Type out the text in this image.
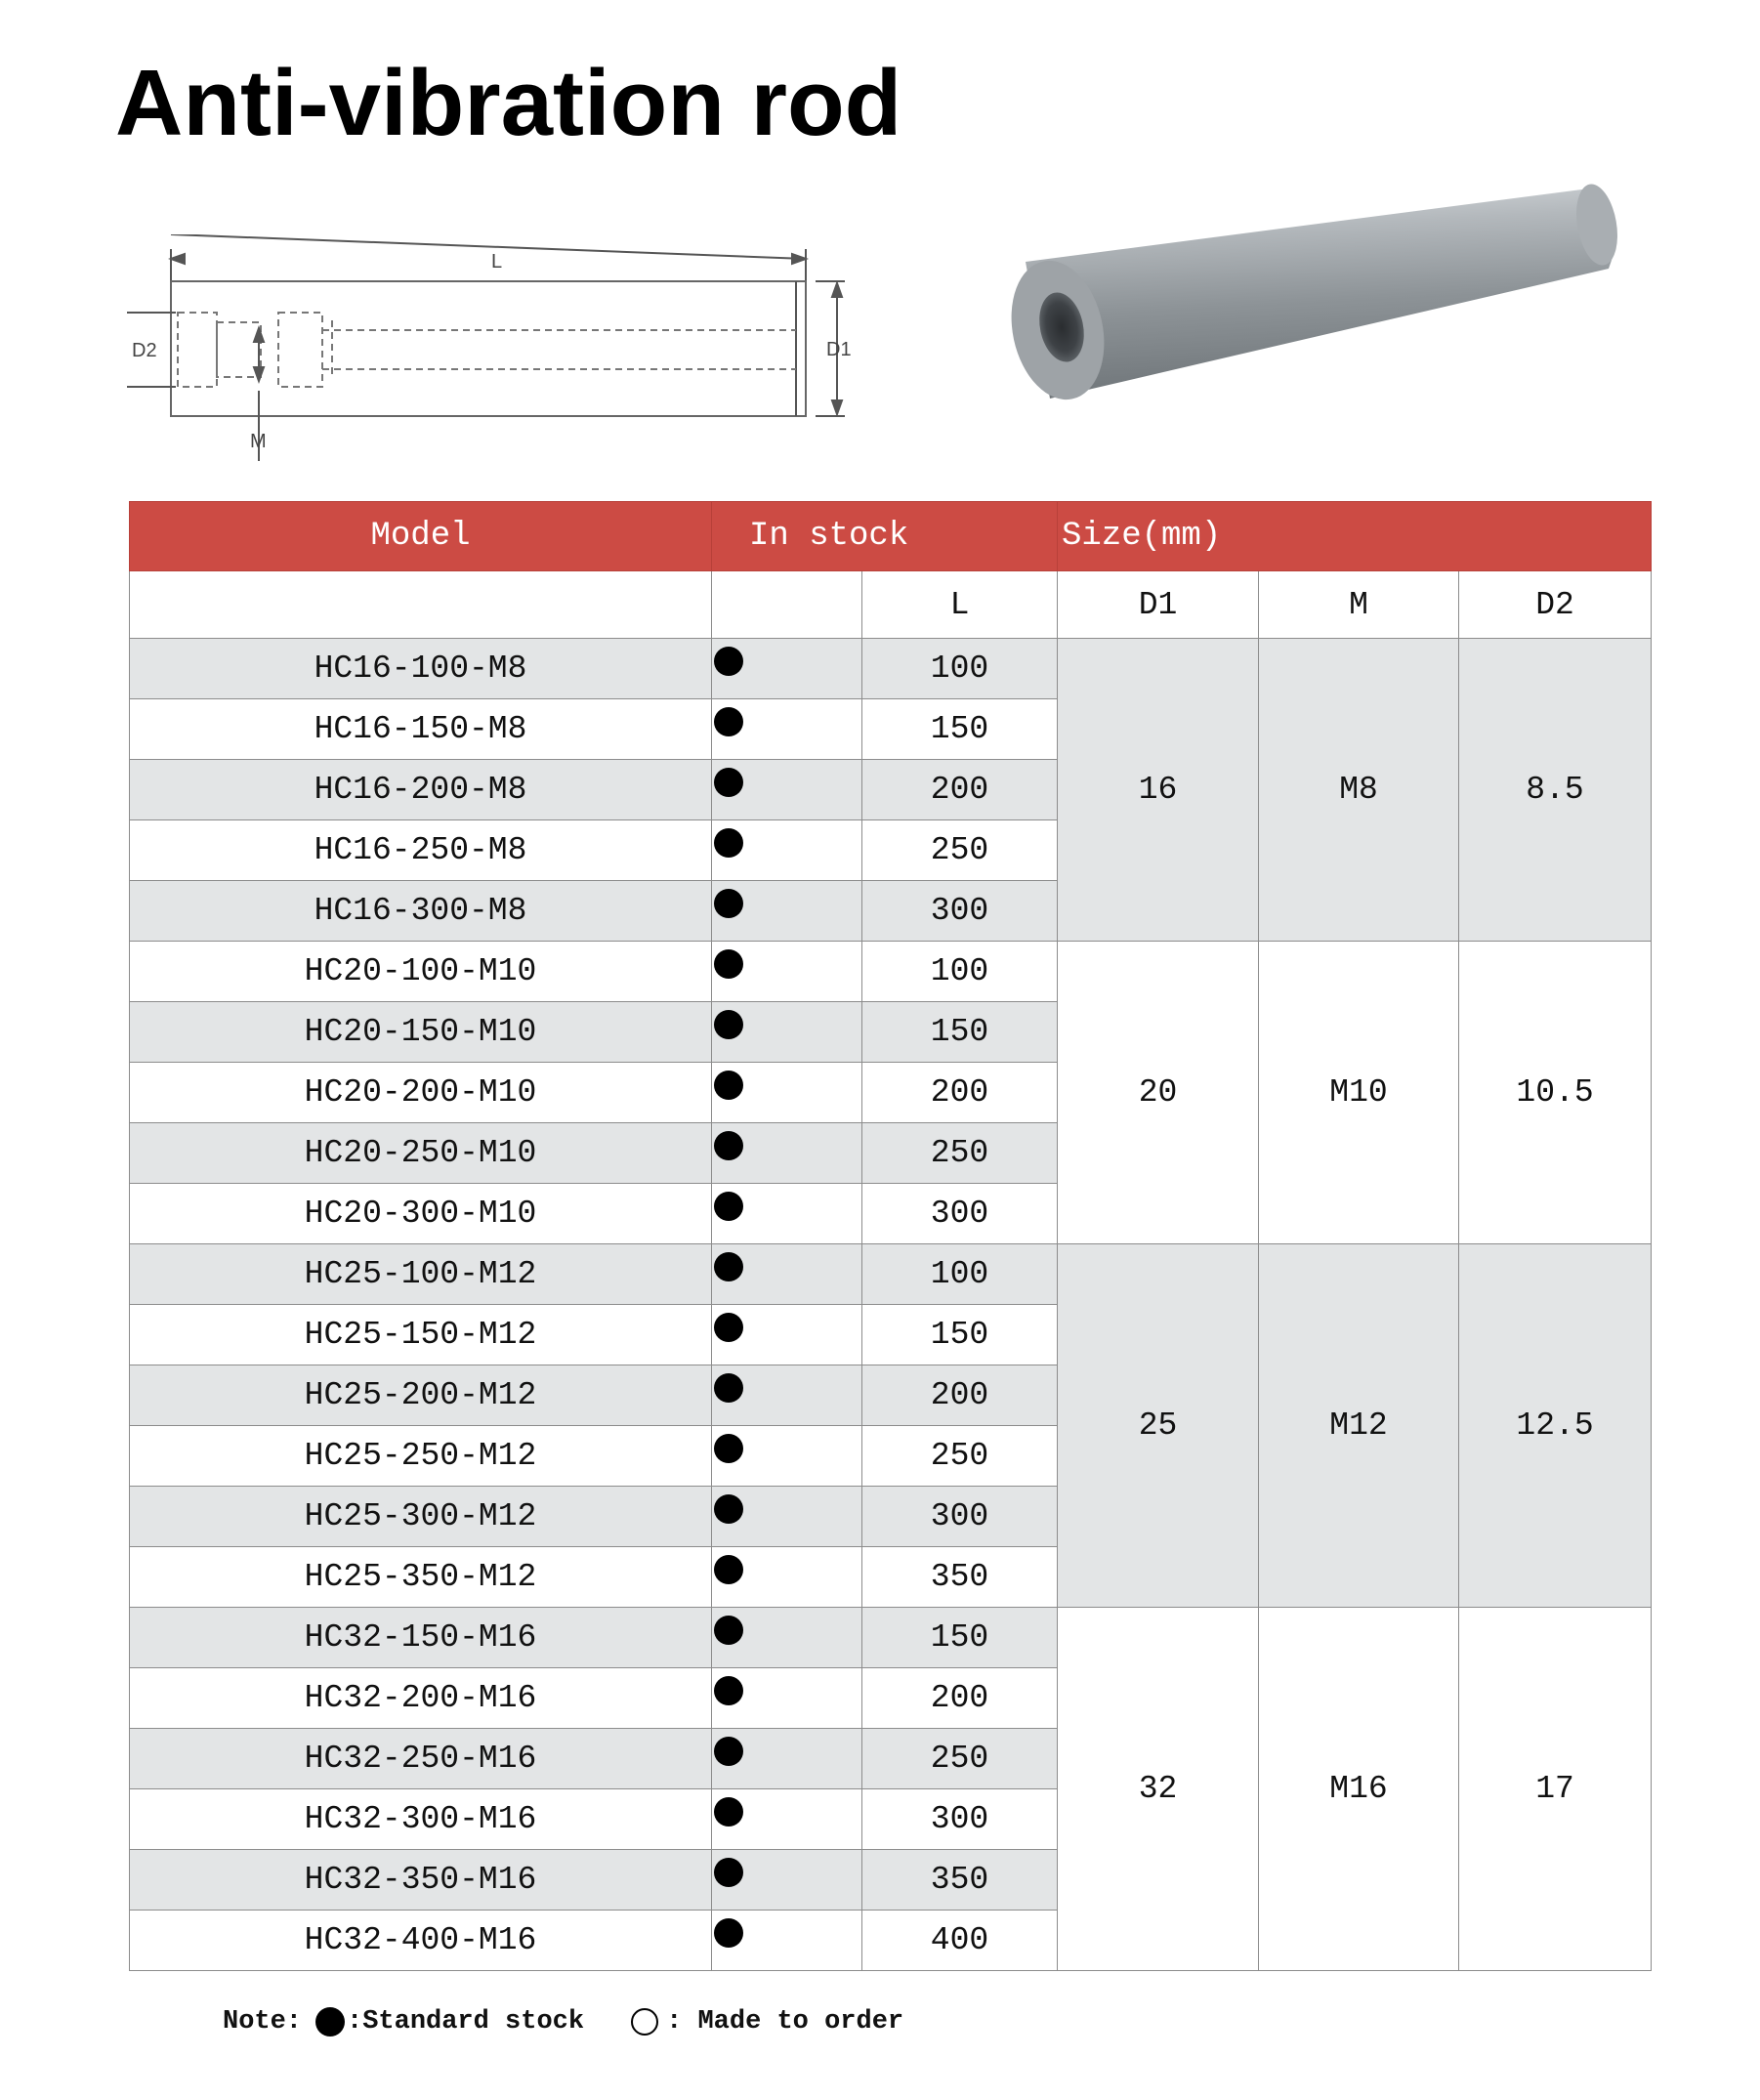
Anti-vibration rod
L
D1
D2
M
Model	In stock		Size(mm)		
		L	D1	M	D2
HC16-100-M8		100	16	M8	8.5
HC16-150-M8		150			
HC16-200-M8		200			
HC16-250-M8		250			
HC16-300-M8		300			
HC20-100-M10		100	20	M10	10.5
HC20-150-M10		150			
HC20-200-M10		200			
HC20-250-M10		250			
HC20-300-M10		300			
HC25-100-M12		100	25	M12	12.5
HC25-150-M12		150			
HC25-200-M12		200			
HC25-250-M12		250			
HC25-300-M12		300			
HC25-350-M12		350			
HC32-150-M16		150	32	M16	17
HC32-200-M16		200			
HC32-250-M16		250			
HC32-300-M16		300			
HC32-350-M16		350			
HC32-400-M16		400			
Note: :Standard stock	: Made to order
